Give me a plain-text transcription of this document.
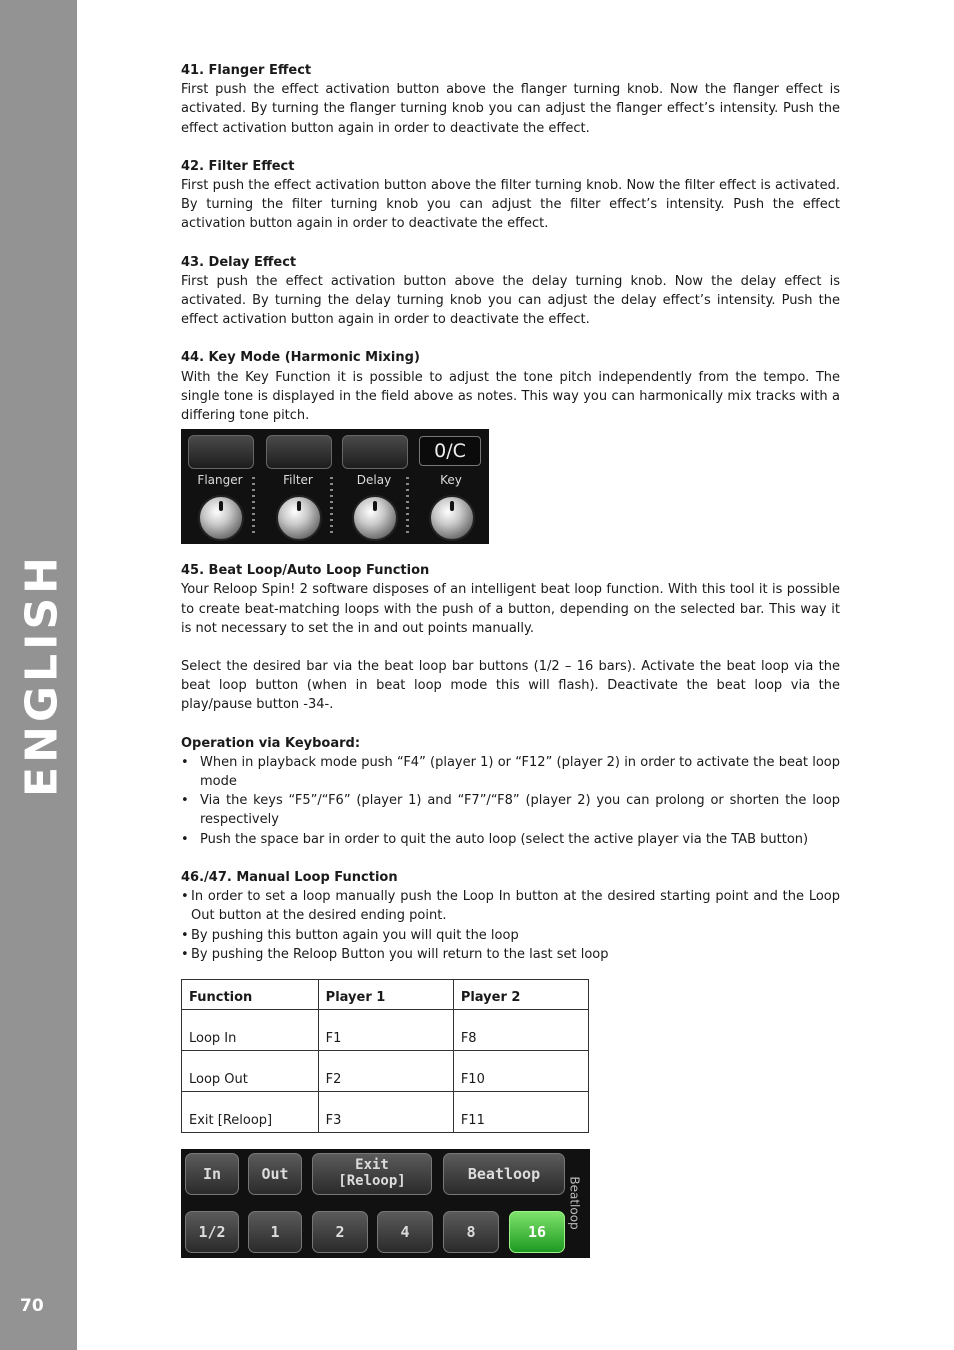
ENGLISH
70

41. Flanger Effect

First push the effect activation button above the flanger turning knob. Now the flanger effect is activated. By turning the flanger turning knob you can adjust the flanger effect’s intensity. Push the effect activation button again in order to deactivate the effect.

42. Filter Effect

First push the effect activation button above the filter turning knob. Now the filter effect is activated. By turning the filter turning knob you can adjust the filter effect’s intensity. Push the effect activation button again in order to deactivate the effect.

43. Delay Effect

First push the effect activation button above the delay turning knob. Now the delay effect is activated. By turning the delay turning knob you can adjust the delay effect’s intensity. Push the effect activation button again in order to deactivate the effect.

44. Key Mode (Harmonic Mixing)

With the Key Function it is possible to adjust the tone pitch independently from the tempo. The single tone is displayed in the field above as notes. This way you can harmonically mix tracks with a differing tone pitch.

Flanger	Filter	Delay
0/C
Key

45. Beat Loop/Auto Loop Function

Your Reloop Spin! 2 software disposes of an intelligent beat loop function. With this tool it is possible to create beat-matching loops with the push of a button, depending on the selected bar. This way it is not necessary to set the in and out points manually.

Select the desired bar via the beat loop bar buttons (1/2 – 16 bars). Activate the beat loop via the beat loop button (when in beat loop mode this will flash). Deactivate the beat loop via the play/pause button -34-.

Operation via Keyboard:

• When in playback mode push “F4” (player 1) or “F12” (player 2) in order to activate the beat loop mode
• Via the keys “F5”/“F6” (player 1) and “F7”/“F8” (player 2) you can prolong or shorten the loop respectively
• Push the space bar in order to quit the auto loop (select the active player via the TAB button)

46./47. Manual Loop Function

• In order to set a loop manually push the Loop In button at the desired starting point and the Loop Out button at the desired ending point.
• By pushing this button again you will quit the loop
• By pushing the Reloop Button you will return to the last set loop
Function	Player 1	Player 2
Loop In	F1	F8
Loop Out	F2	F10
Exit [Reloop]	F3	F11
In	Out	Exit
[Reloop]	Beatloop
1/2	1	2	4	8	16
Beatloop
